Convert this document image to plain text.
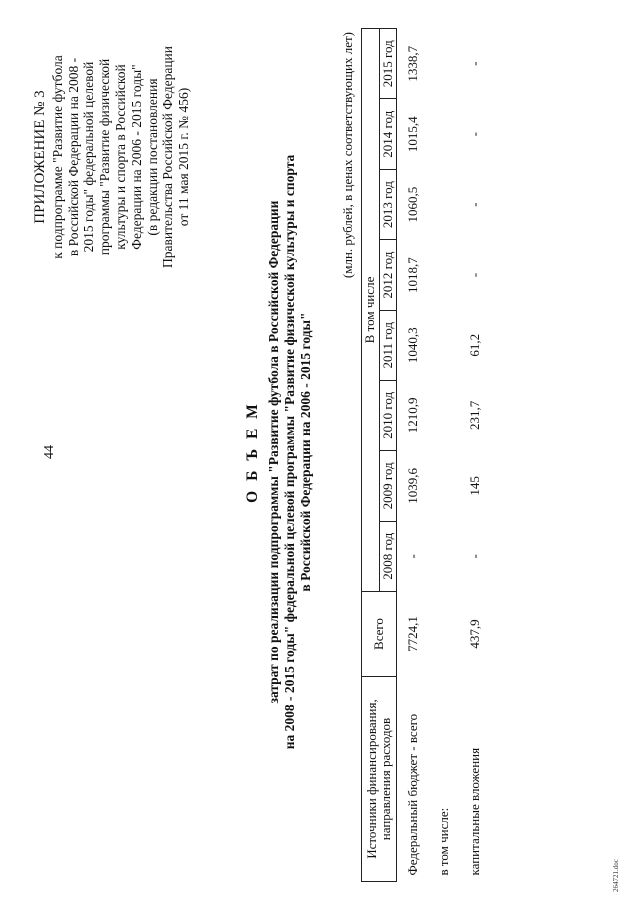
44
ПРИЛОЖЕНИЕ № 3 к подпрограмме "Развитие футбола в Российской Федерации на 2008 - 2015 годы" федеральной целевой программы "Развитие физической культуры и спорта в Российской Федерации на 2006 - 2015 годы" (в редакции постановления Правительства Российской Федерации от 11 мая 2015 г. № 456)
О Б Ъ Е М затрат по реализации подпрограммы "Развитие футбола в Российской Федерации на 2008 - 2015 годы" федеральной целевой программы "Развитие физической культуры и спорта в Российской Федерации на 2006 - 2015 годы"
(млн. рублей, в ценах соответствующих лет)
Источники финансирования, направления расходов	Всего	В том числе							
		2008 год	2009 год	2010 год	2011 год	2012 год	2013 год	2014 год	2015 год
Федеральный бюджет - всего	7724,1	-	1039,6	1210,9	1040,3	1018,7	1060,5	1015,4	1338,7
в том числе:									
капитальные вложения	437,9	-	145	231,7	61,2	-	-	-	-
264721.doc
